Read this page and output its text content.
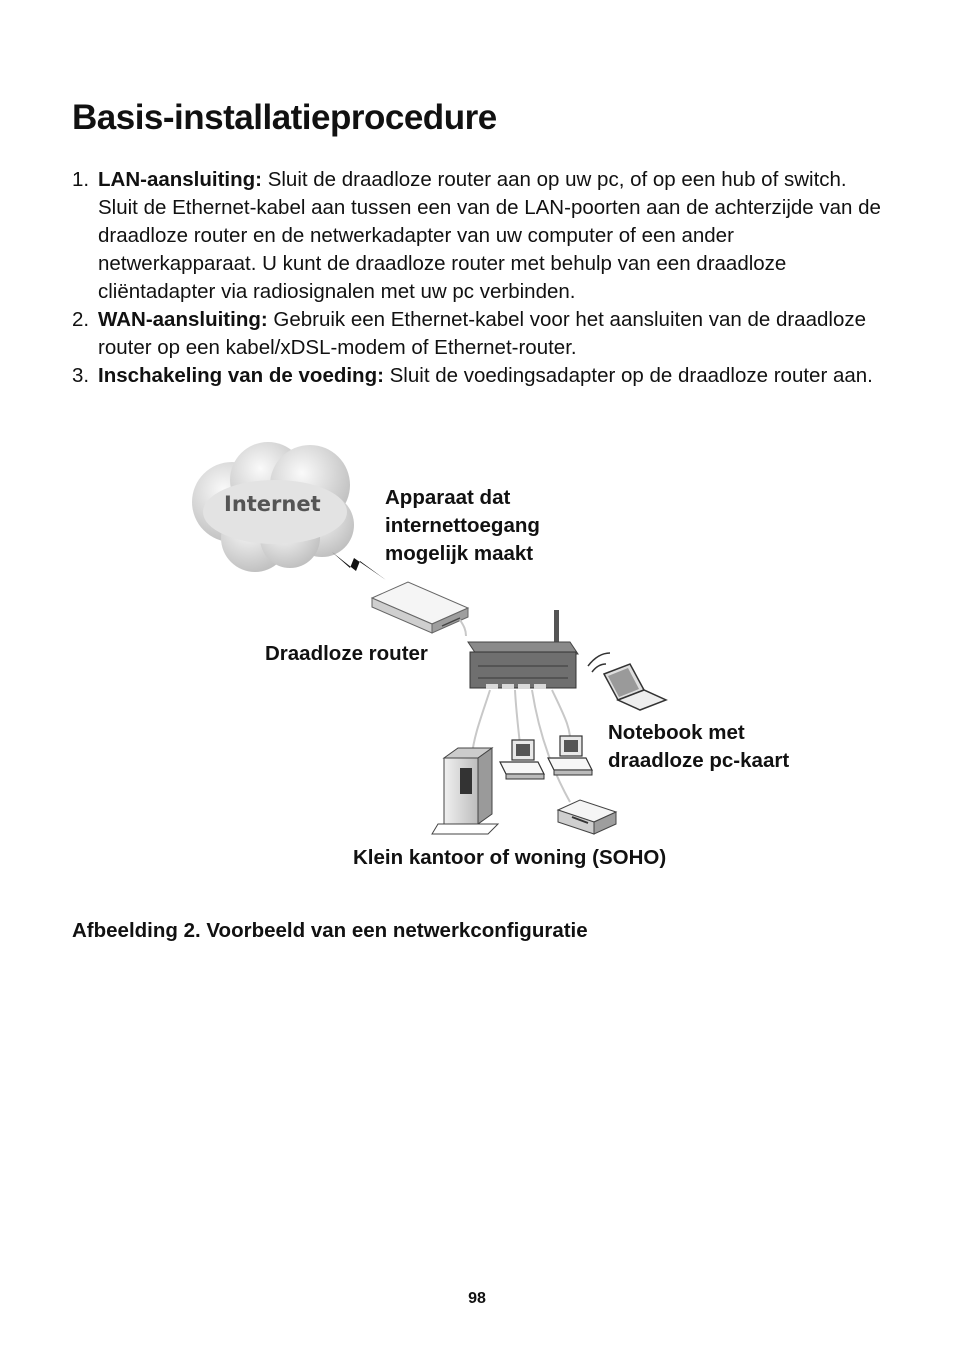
Basis-installatieprocedure
1. LAN-aansluiting: Sluit de draadloze router aan op uw pc, of op een hub of switch. Sluit de Ethernet-kabel aan tussen een van de LAN-poorten aan de achterzijde van de draadloze router en de netwerkadapter van uw computer of een ander netwerkapparaat. U kunt de draadloze router met behulp van een draadloze cliëntadapter via radiosignalen met uw pc verbinden.
2. WAN-aansluiting: Gebruik een Ethernet-kabel voor het aansluiten van de draadloze router op een kabel/xDSL-modem of Ethernet-router.
3. Inschakeling van de voeding: Sluit de voedingsadapter op de draadloze router aan.
Internet	Apparaat dat
internettoegang
mogelijk maakt
Draadloze router
Notebook met
draadloze pc-kaart
Klein kantoor of woning (SOHO)
Afbeelding 2. Voorbeeld van een netwerkconfiguratie
98
